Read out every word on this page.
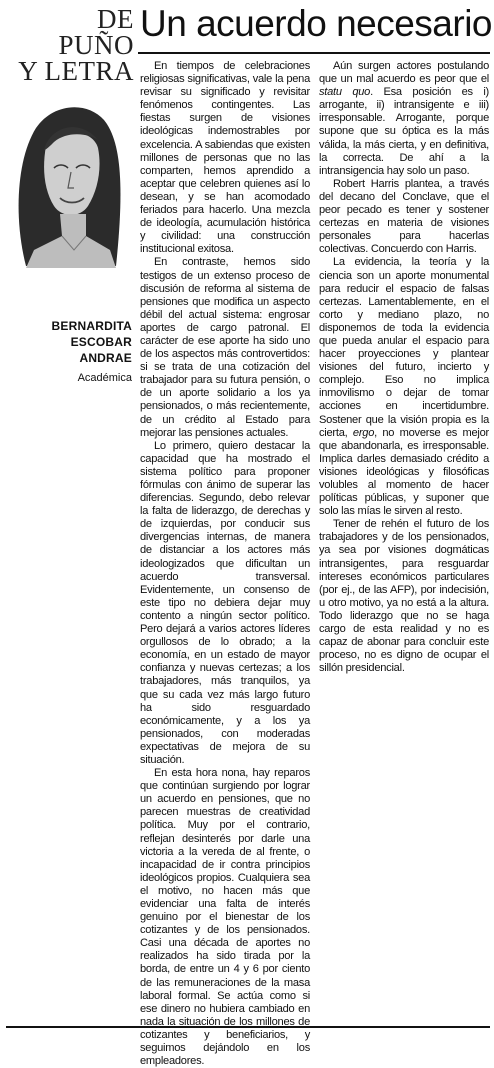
DE
PUÑO
Y LETRA
Un acuerdo necesario
BERNARDITA
ESCOBAR
ANDRAE
Académica

En tiempos de celebraciones religiosas significativas, vale la pena revisar su significado y revisitar fenómenos contingentes. Las fiestas surgen de visiones ideológicas indemostrables por excelencia. A sabiendas que existen millones de personas que no las comparten, hemos aprendido a aceptar que celebren quienes así lo desean, y se han acomodado feriados para hacerlo. Una mezcla de ideología, acumulación histórica y civilidad: una construcción institucional exitosa.

En contraste, hemos sido testigos de un extenso proceso de discusión de reforma al sistema de pensiones que modifica un aspecto débil del actual sistema: engrosar aportes de cargo patronal. El carácter de ese aporte ha sido uno de los aspectos más controvertidos: si se trata de una cotización del trabajador para su futura pensión, o de un aporte solidario a los ya pensionados, o más recientemente, de un crédito al Estado para mejorar las pensiones actuales.

Lo primero, quiero destacar la capacidad que ha mostrado el sistema político para proponer fórmulas con ánimo de superar las diferencias. Segundo, debo relevar la falta de liderazgo, de derechas y de izquierdas, por conducir sus divergencias internas, de manera de distanciar a los actores más ideologizados que dificultan un acuerdo transversal. Evidentemente, un consenso de este tipo no debiera dejar muy contento a ningún sector político. Pero dejará a varios actores líderes orgullosos de lo obrado; a la economía, en un estado de mayor confianza y nuevas certezas; a los trabajadores, más tranquilos, ya que su cada vez más largo futuro ha sido resguardado económicamente, y a los ya pensionados, con moderadas expectativas de mejora de su situación.

En esta hora nona, hay reparos que continúan surgiendo por lograr un acuerdo en pensiones, que no parecen muestras de creatividad política. Muy por el contrario, reflejan desinterés por darle una victoria a la vereda de al frente, o incapacidad de ir contra principios ideológicos propios. Cualquiera sea el motivo, no hacen más que evidenciar una falta de interés genuino por el bienestar de los cotizantes y de los pensionados. Casi una década de aportes no realizados ha sido tirada por la borda, de entre un 4 y 6 por ciento de las remuneraciones de la masa laboral formal. Se actúa como si ese dinero no hubiera cambiado en nada la situación de los millones de cotizantes y beneficiarios, y seguimos dejándolo en los empleadores.

Aún surgen actores postulando que un mal acuerdo es peor que el statu quo. Esa posición es i) arrogante, ii) intransigente e iii) irresponsable. Arrogante, porque supone que su óptica es la más válida, la más cierta, y en definitiva, la correcta. De ahí a la intransigencia hay solo un paso.

Robert Harris plantea, a través del decano del Conclave, que el peor pecado es tener y sostener certezas en materia de visiones personales para hacerlas colectivas. Concuerdo con Harris.

La evidencia, la teoría y la ciencia son un aporte monumental para reducir el espacio de falsas certezas. Lamentablemente, en el corto y mediano plazo, no disponemos de toda la evidencia que pueda anular el espacio para hacer proyecciones y plantear visiones del futuro, incierto y complejo. Eso no implica inmovilismo o dejar de tomar acciones en incertidumbre. Sostener que la visión propia es la cierta, ergo, no moverse es mejor que abandonarla, es irresponsable. Implica darles demasiado crédito a visiones ideológicas y filosóficas volubles al momento de hacer políticas públicas, y suponer que solo las mías le sirven al resto.

Tener de rehén el futuro de los trabajadores y de los pensionados, ya sea por visiones dogmáticas intransigentes, para resguardar intereses económicos particulares (por ej., de las AFP), por indecisión, u otro motivo, ya no está a la altura. Todo liderazgo que no se haga cargo de esta realidad y no es capaz de abonar para concluir este proceso, no es digno de ocupar el sillón presidencial.
